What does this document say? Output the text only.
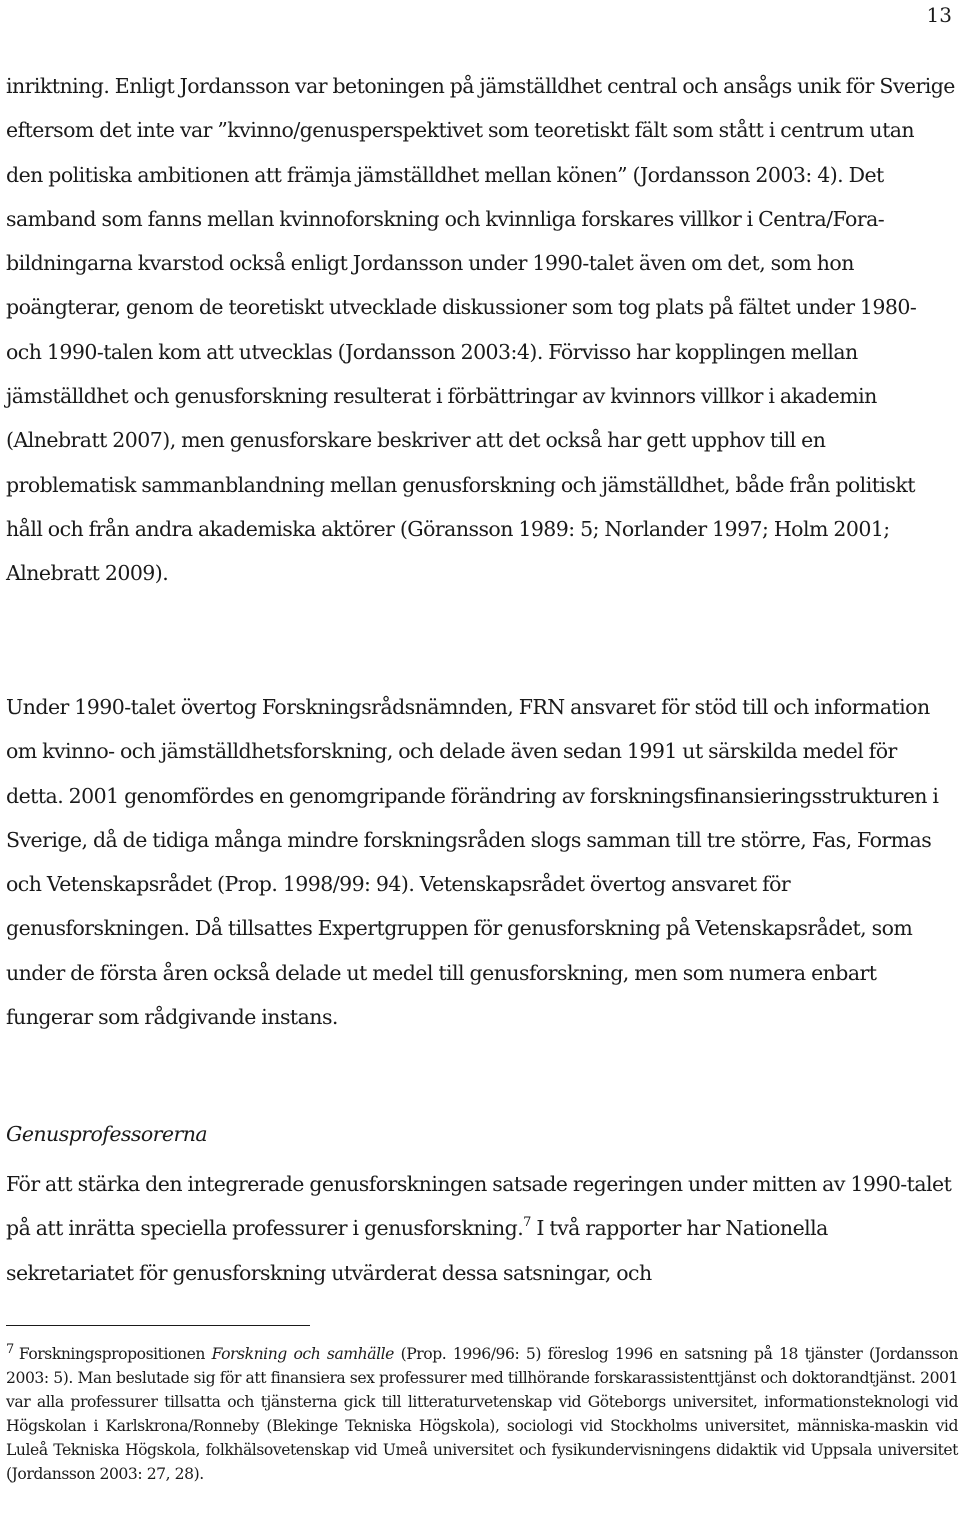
13

inriktning. Enligt Jordansson var betoningen på jämställdhet central och ansågs unik för Sverige eftersom det inte var ”kvinno/genusperspektivet som teoretiskt fält som stått i centrum utan den politiska ambitionen att främja jämställdhet mellan könen” (Jordansson 2003: 4). Det samband som fanns mellan kvinnoforskning och kvinnliga forskares villkor i Centra/Fora-bildningarna kvarstod också enligt Jordansson under 1990-talet även om det, som hon poängterar, genom de teoretiskt utvecklade diskussioner som tog plats på fältet under 1980- och 1990-talen kom att utvecklas (Jordansson 2003:4). Förvisso har kopplingen mellan jämställdhet och genusforskning resulterat i förbättringar av kvinnors villkor i akademin (Alnebratt 2007), men genusforskare beskriver att det också har gett upphov till en problematisk sammanblandning mellan genusforskning och jämställdhet, både från politiskt håll och från andra akademiska aktörer (Göransson 1989: 5; Norlander 1997; Holm 2001; Alnebratt 2009).

Under 1990-talet övertog Forskningsrådsnämnden, FRN ansvaret för stöd till och information om kvinno- och jämställdhetsforskning, och delade även sedan 1991 ut särskilda medel för detta. 2001 genomfördes en genomgripande förändring av forskningsfinansieringsstrukturen i Sverige, då de tidiga många mindre forskningsråden slogs samman till tre större, Fas, Formas och Vetenskapsrådet (Prop. 1998/99: 94). Vetenskapsrådet övertog ansvaret för genusforskningen. Då tillsattes Expertgruppen för genusforskning på Vetenskapsrådet, som under de första åren också delade ut medel till genusforskning, men som numera enbart fungerar som rådgivande instans.

Genusprofessorerna

För att stärka den integrerade genusforskningen satsade regeringen under mitten av 1990-talet på att inrätta speciella professurer i genusforskning.$^7$ I två rapporter har Nationella sekretariatet för genusforskning utvärderat dessa satsningar, och

$^7$ Forskningspropositionen Forskning och samhälle (Prop. 1996/96: 5) föreslog 1996 en satsning på 18 tjänster (Jordansson 2003: 5). Man beslutade sig för att finansiera sex professurer med tillhörande forskarassistenttjänst och doktorandtjänst. 2001 var alla professurer tillsatta och tjänsterna gick till litteraturvetenskap vid Göteborgs universitet, informationsteknologi vid Högskolan i Karlskrona/Ronneby (Blekinge Tekniska Högskola), sociologi vid Stockholms universitet, människa-maskin vid Luleå Tekniska Högskola, folkhälsovetenskap vid Umeå universitet och fysikundervisningens didaktik vid Uppsala universitet (Jordansson 2003: 27, 28).
